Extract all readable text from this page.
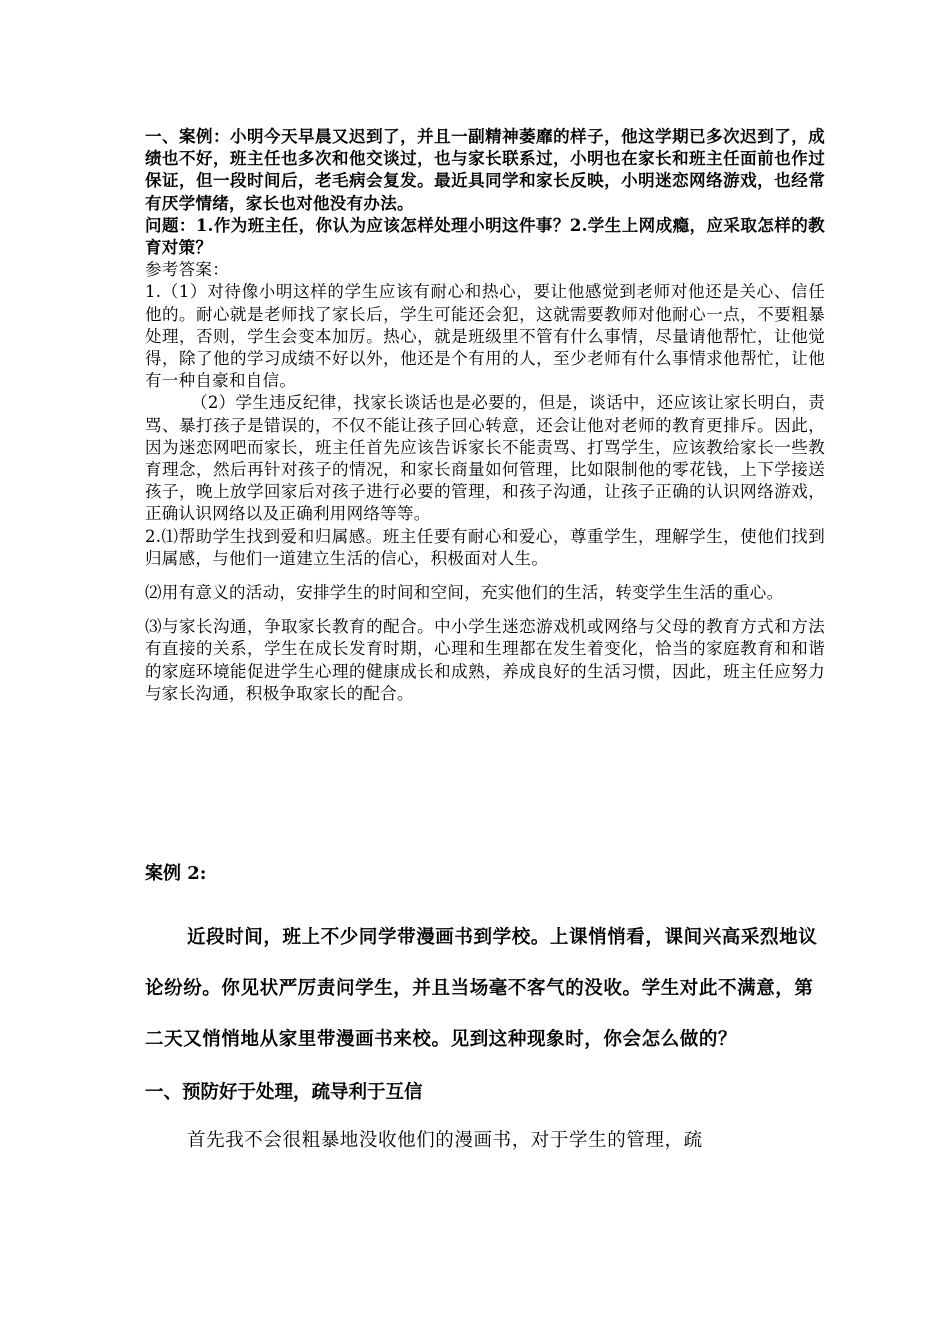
一、案例：小明今天早晨又迟到了，并且一副精神萎靡的样子，他这学期已多次迟到了，成绩也不好，班主任也多次和他交谈过，也与家长联系过，小明也在家长和班主任面前也作过保证，但一段时间后，老毛病会复发。最近具同学和家长反映，小明迷恋网络游戏，也经常有厌学情绪，家长也对他没有办法。

问题：1.作为班主任，你认为应该怎样处理小明这件事？2.学生上网成瘾，应采取怎样的教育对策？

参考答案：

1.（1）对待像小明这样的学生应该有耐心和热心，要让他感觉到老师对他还是关心、信任他的。耐心就是老师找了家长后，学生可能还会犯，这就需要教师对他耐心一点，不要粗暴处理，否则，学生会变本加厉。热心，就是班级里不管有什么事情，尽量请他帮忙，让他觉得，除了他的学习成绩不好以外，他还是个有用的人，至少老师有什么事情求他帮忙，让他有一种自豪和自信。

（2）学生违反纪律，找家长谈话也是必要的，但是，谈话中，还应该让家长明白，责骂、暴打孩子是错误的，不仅不能让孩子回心转意，还会让他对老师的教育更排斥。因此，因为迷恋网吧而家长，班主任首先应该告诉家长不能责骂、打骂学生，应该教给家长一些教育理念，然后再针对孩子的情况，和家长商量如何管理，比如限制他的零花钱，上下学接送孩子，晚上放学回家后对孩子进行必要的管理，和孩子沟通，让孩子正确的认识网络游戏，正确认识网络以及正确利用网络等等。

2.⑴帮助学生找到爱和归属感。班主任要有耐心和爱心，尊重学生，理解学生，使他们找到归属感，与他们一道建立生活的信心，积极面对人生。

⑵用有意义的活动，安排学生的时间和空间，充实他们的生活，转变学生生活的重心。

⑶与家长沟通，争取家长教育的配合。中小学生迷恋游戏机或网络与父母的教育方式和方法有直接的关系，学生在成长发育时期，心理和生理都在发生着变化，恰当的家庭教育和和谐的家庭环境能促进学生心理的健康成长和成熟，养成良好的生活习惯，因此，班主任应努力与家长沟通，积极争取家长的配合。

案例 2:

近段时间，班上不少同学带漫画书到学校。上课悄悄看，课间兴高采烈地议论纷纷。你见状严厉责问学生，并且当场毫不客气的没收。学生对此不满意，第二天又悄悄地从家里带漫画书来校。见到这种现象时，你会怎么做的？

一、预防好于处理，疏导利于互信

首先我不会很粗暴地没收他们的漫画书，对于学生的管理，疏
